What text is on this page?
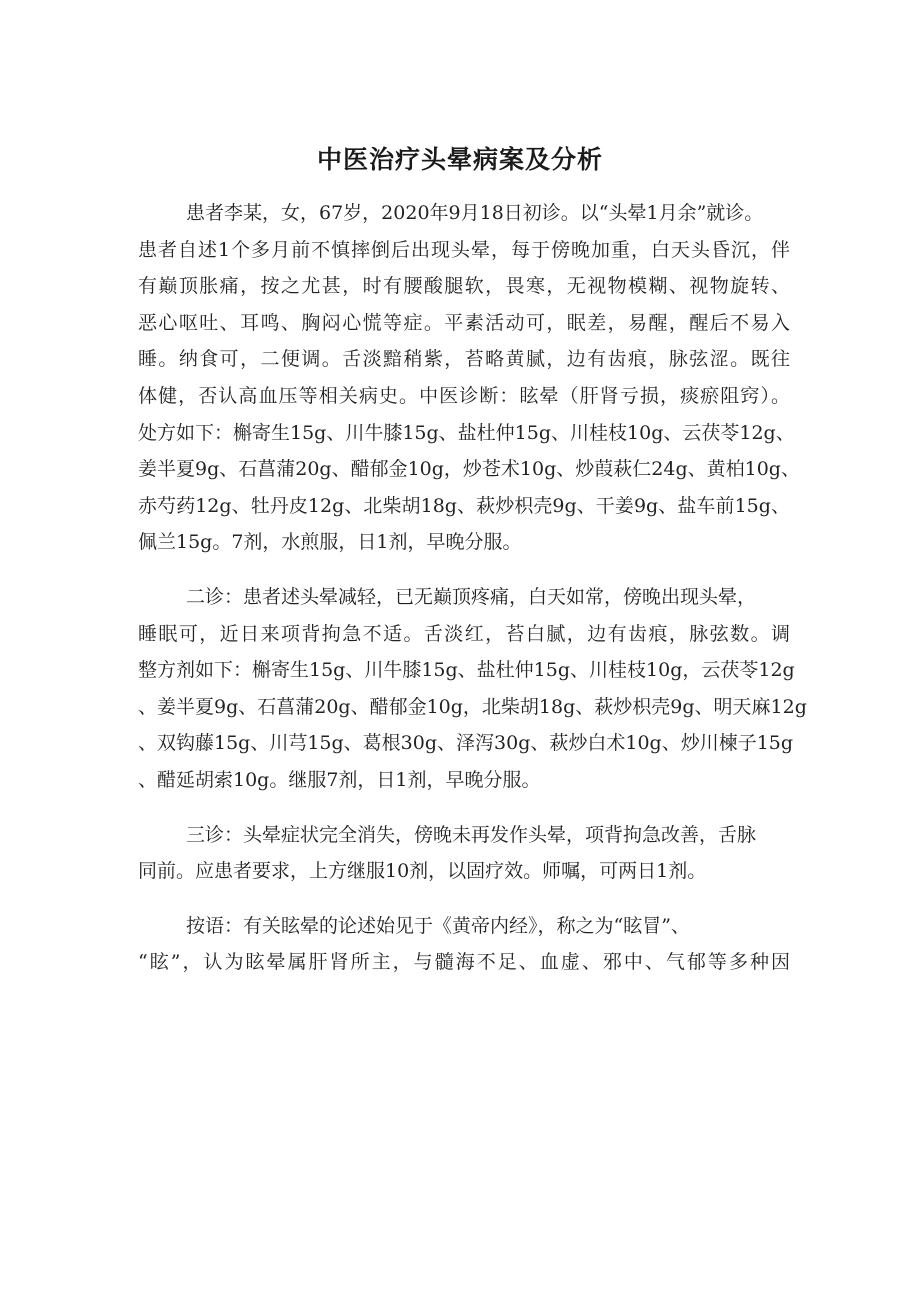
中医治疗头晕病案及分析
患者李某，女，67岁，2020年9月18日初诊。以“头晕1月余”就诊。
患者自述1个多月前不慎摔倒后出现头晕，每于傍晚加重，白天头昏沉，伴
有巅顶胀痛，按之尤甚，时有腰酸腿软，畏寒，无视物模糊、视物旋转、
恶心呕吐、耳鸣、胸闷心慌等症。平素活动可，眠差，易醒，醒后不易入
睡。纳食可，二便调。舌淡黯稍紫，苔略黄腻，边有齿痕，脉弦涩。既往
体健，否认高血压等相关病史。中医诊断：眩晕（肝肾亏损，痰瘀阻窍）。
处方如下：槲寄生15g、川牛膝15g、盐杜仲15g、川桂枝10g、云茯苓12g、
姜半夏9g、石菖蒲20g、醋郁金10g，炒苍术10g、炒葭萩仁24g、黄柏10g、
赤芍药12g、牡丹皮12g、北柴胡18g、萩炒枳壳9g、干姜9g、盐车前15g、
佩兰15g。7剂，水煎服，日1剂，早晚分服。
二诊：患者述头晕减轻，已无巅顶疼痛，白天如常，傍晚出现头晕，
睡眠可，近日来项背拘急不适。舌淡红，苔白腻，边有齿痕，脉弦数。调
整方剂如下：槲寄生15g、川牛膝15g、盐杜仲15g、川桂枝10g，云茯苓12g
、姜半夏9g、石菖蒲20g、醋郁金10g，北柴胡18g、萩炒枳壳9g、明天麻12g
、双钩藤15g、川芎15g、葛根30g、泽泻30g、萩炒白术10g、炒川楝子15g
、醋延胡索10g。继服7剂，日1剂，早晚分服。
三诊：头晕症状完全消失，傍晚未再发作头晕，项背拘急改善，舌脉
同前。应患者要求，上方继服10剂，以固疗效。师嘱，可两日1剂。
按语：有关眩晕的论述始见于《黄帝内经》，称之为“眩冒”、
“眩”，认为眩晕属肝肾所主，与髓海不足、血虚、邪中、气郁等多种因
